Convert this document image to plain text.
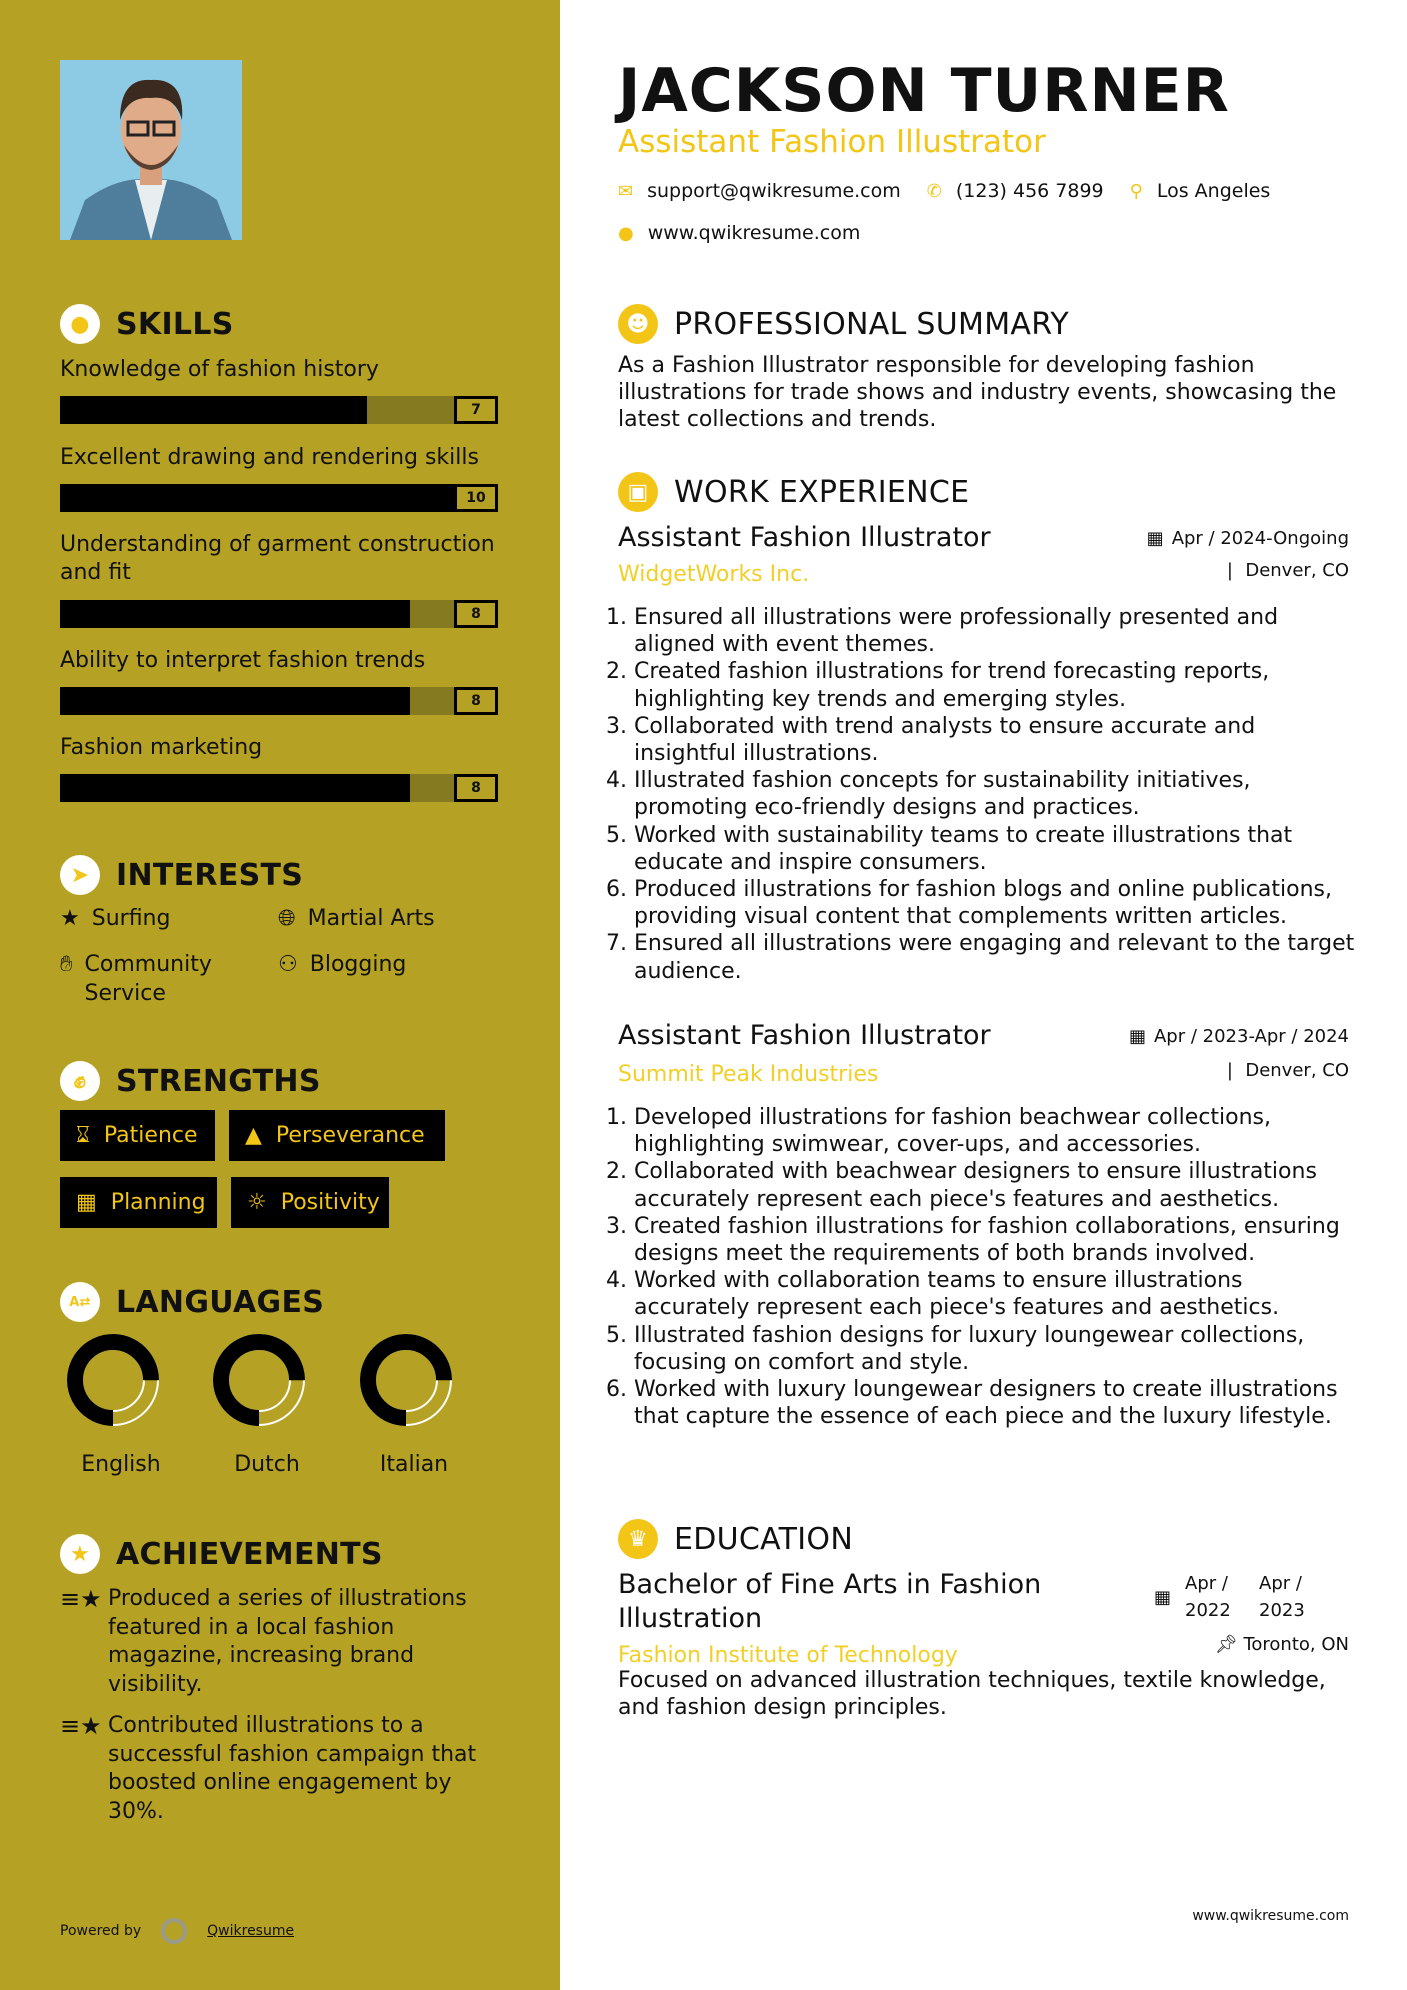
● SKILLS
Knowledge of fashion history
7
Excellent drawing and rendering skills
10
Understanding of garment construction and fit
8
Ability to interpret fashion trends
8
Fashion marketing
8
➤ INTERESTS
★ Surfing	🌐︎ Martial Arts
✋︎ Community Service
⚇ Blogging
✊︎ STRENGTHS
⌛︎ Patience ▲ Perseverance
▦ Planning ☼ Positivity
A⇄ LANGUAGES
English	Dutch	Italian
★ ACHIEVEMENTS
≡★ Produced a series of illustrations featured in a local fashion magazine, increasing brand visibility.
≡★ Contributed illustrations to a successful fashion campaign that boosted online engagement by 30%.
Powered by	Qwikresume
JACKSON TURNER
Assistant Fashion Illustrator
✉ support@qwikresume.com ✆ (123) 456 7899 ⚲ Los Angeles
● www.qwikresume.com
☻ PROFESSIONAL SUMMARY
As a Fashion Illustrator responsible for developing fashion illustrations for trade shows and industry events, showcasing the latest collections and trends.
▣ WORK EXPERIENCE
Assistant Fashion Illustrator
WidgetWorks Inc.
▦ Apr / 2024-Ongoing
❘ Denver, CO
1. Ensured all illustrations were professionally presented and aligned with event themes.
2. Created fashion illustrations for trend forecasting reports, highlighting key trends and emerging styles.
3. Collaborated with trend analysts to ensure accurate and insightful illustrations.
4. Illustrated fashion concepts for sustainability initiatives, promoting eco-friendly designs and practices.
5. Worked with sustainability teams to create illustrations that educate and inspire consumers.
6. Produced illustrations for fashion blogs and online publications, providing visual content that complements written articles.
7. Ensured all illustrations were engaging and relevant to the target audience.
Assistant Fashion Illustrator
Summit Peak Industries
▦ Apr / 2023-Apr / 2024
❘ Denver, CO
1. Developed illustrations for fashion beachwear collections, highlighting swimwear, cover-ups, and accessories.
2. Collaborated with beachwear designers to ensure illustrations accurately represent each piece's features and aesthetics.
3. Created fashion illustrations for fashion collaborations, ensuring designs meet the requirements of both brands involved.
4. Worked with collaboration teams to ensure illustrations accurately represent each piece's features and aesthetics.
5. Illustrated fashion designs for luxury loungewear collections, focusing on comfort and style.
6. Worked with luxury loungewear designers to create illustrations that capture the essence of each piece and the luxury lifestyle.
♛ EDUCATION
Bachelor of Fine Arts in Fashion Illustration
▦
Apr / 2022
Apr / 2023
Fashion Institute of Technology	📌︎ Toronto, ON
Focused on advanced illustration techniques, textile knowledge, and fashion design principles.
www.qwikresume.com
